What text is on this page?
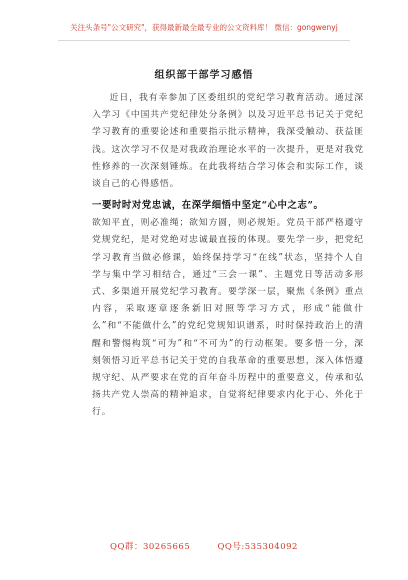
关注头条号"公文研究"，获得最新最全最专业的公文资料库！ 微信：gongwenyj
组织部干部学习感悟

近日，我有幸参加了区委组织的党纪学习教育活动。通过深入学习《中国共产党纪律处分条例》以及习近平总书记关于党纪学习教育的重要论述和重要指示批示精神，我深受触动、获益匪浅。这次学习不仅是对我政治理论水平的一次提升，更是对我党性修养的一次深刻锤炼。在此我将结合学习体会和实际工作，谈谈自己的心得感悟。

一要时时对党忠诚，在深学细悟中坚定“心中之志”。

欲知平直，则必准绳；欲知方圆，则必规矩。党员干部严格遵守党规党纪，是对党绝对忠诚最直接的体现。要先学一步，把党纪学习教育当做必修课，始终保持学习“在线”状态，坚持个人自学与集中学习相结合，通过“三会一课”、主题党日等活动多形式、多渠道开展党纪学习教育。要学深一层，聚焦《条例》重点内容，采取逐章逐条新旧对照等学习方式，形成“能做什么”和“不能做什么”的党纪党规知识谱系，时时保持政治上的清醒和警惕构筑“可为”和“不可为”的行动框架。要多悟一分，深刻领悟习近平总书记关于党的自我革命的重要思想，深入体悟遵规守纪、从严要求在党的百年奋斗历程中的重要意义，传承和弘扬共产党人崇高的精神追求，自觉将纪律要求内化于心、外化于行。

QQ群：30265665	QQ号:535304092
